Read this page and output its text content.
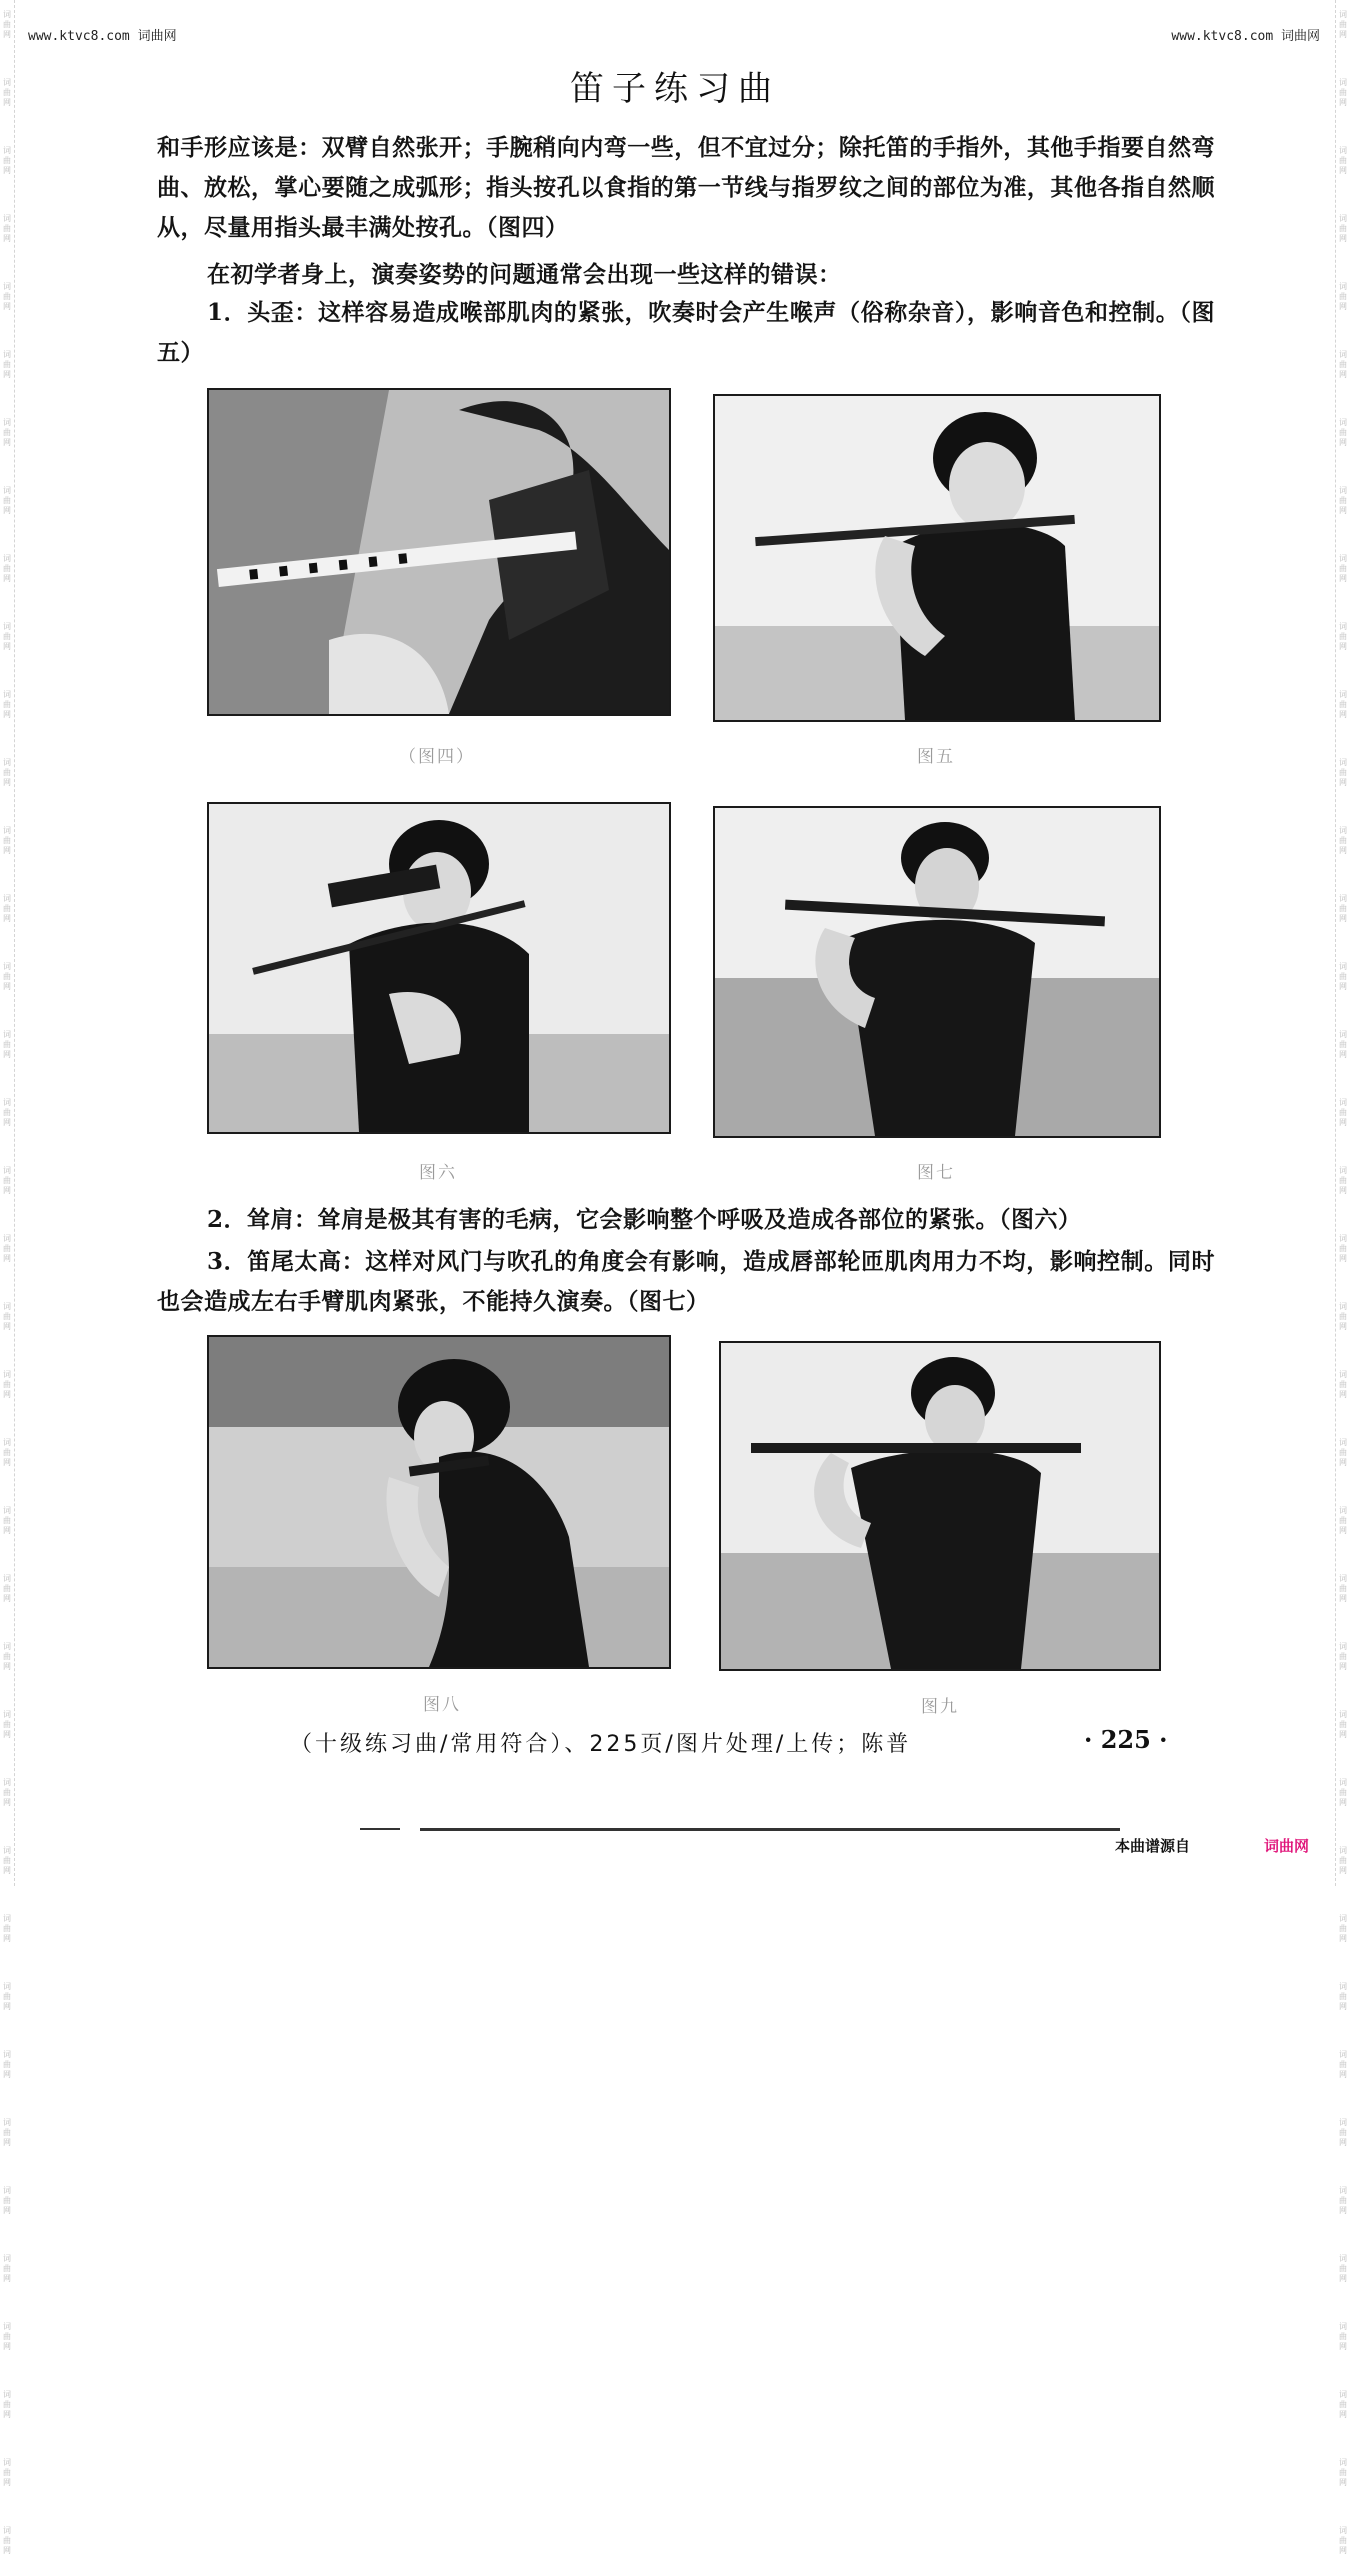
词
曲
网
词
曲
网
词
曲
网
词
曲
网
词
曲
网
词
曲
网
词
曲
网
词
曲
网
词
曲
网
词
曲
网
词
曲
网
词
曲
网
词
曲
网
词
曲
网
词
曲
网
词
曲
网
词
曲
网
词
曲
网
词
曲
网
词
曲
网
词
曲
网
词
曲
网
词
曲
网
词
曲
网
词
曲
网
词
曲
网
词
曲
网
词
曲
网
词
曲
网
词
曲
网
词
曲
网
词
曲
网
词
曲
网
词
曲
网
词
曲
网
词
曲
网
词
曲
网
词
曲
网
词
曲
网
词
曲
网
词
曲
网
词
曲
网
词
曲
网
词
曲
网
词
曲
网
词
曲
网
词
曲
网
词
曲
网
词
曲
网
词
曲
网
词
曲
网
词
曲
网
词
曲
网
词
曲
网
词
曲
网
词
曲
网
词
曲
网
词
曲
网
词
曲
网
词
曲
网
词
曲
网
词
曲
网
词
曲
网
词
曲
网
词
曲
网
词
曲
网
词
曲
网
词
曲
网
词
曲
网
词
曲
网
词
曲
网
词
曲
网
词
曲
网
词
曲
网
词
曲
网
词
曲
网
www.ktvc8.com 词曲网	www.ktvc8.com 词曲网
笛子练习曲

和手形应该是：双臂自然张开；手腕稍向内弯一些，但不宜过分；除托笛的手指外，其他手指要自然弯曲、放松，掌心要随之成弧形；指头按孔以食指的第一节线与指罗纹之间的部位为准，其他各指自然顺从，尽量用指头最丰满处按孔。（图四）

在初学者身上，演奏姿势的问题通常会出现一些这样的错误：

1．头歪：这样容易造成喉部肌肉的紧张，吹奏时会产生喉声（俗称杂音），影响音色和控制。（图五）

（图四）	图五
图六	图七

2．耸肩：耸肩是极其有害的毛病，它会影响整个呼吸及造成各部位的紧张。（图六）

3．笛尾太高：这样对风门与吹孔的角度会有影响，造成唇部轮匝肌肉用力不均，影响控制。同时也会造成左右手臂肌肉紧张，不能持久演奏。（图七）

图八	图九
（十级练习曲/常用符合）、225页/图片处理/上传；陈普	· 225 ·
本曲谱源自	词曲网
